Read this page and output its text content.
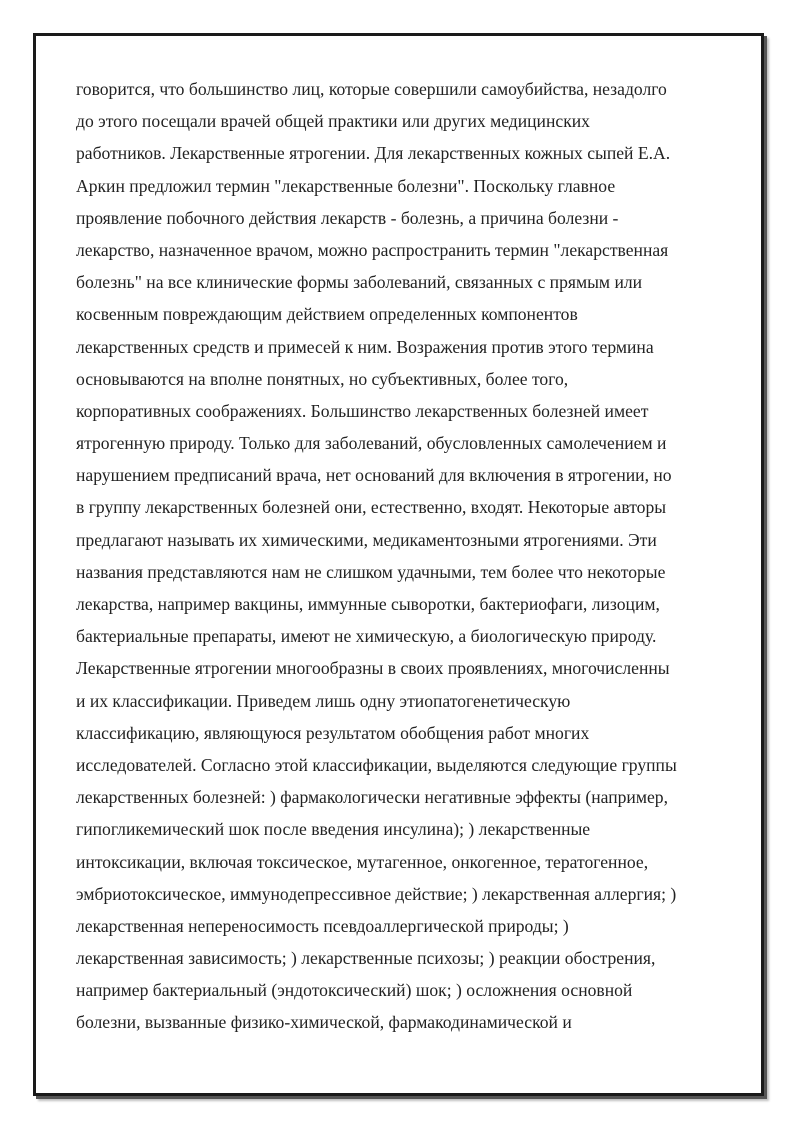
говорится, что большинство лиц, которые совершили самоубийства, незадолго
до этого посещали врачей общей практики или других медицинских
работников. Лекарственные ятрогении. Для лекарственных кожных сыпей Е.А.
Аркин предложил термин "лекарственные болезни". Поскольку главное
проявление побочного действия лекарств - болезнь, а причина болезни -
лекарство, назначенное врачом, можно распространить термин "лекарственная
болезнь" на все клинические формы заболеваний, связанных с прямым или
косвенным повреждающим действием определенных компонентов
лекарственных средств и примесей к ним. Возражения против этого термина
основываются на вполне понятных, но субъективных, более того,
корпоративных соображениях. Большинство лекарственных болезней имеет
ятрогенную природу. Только для заболеваний, обусловленных самолечением и
нарушением предписаний врача, нет оснований для включения в ятрогении, но
в группу лекарственных болезней они, естественно, входят. Некоторые авторы
предлагают называть их химическими, медикаментозными ятрогениями. Эти
названия представляются нам не слишком удачными, тем более что некоторые
лекарства, например вакцины, иммунные сыворотки, бактериофаги, лизоцим,
бактериальные препараты, имеют не химическую, а биологическую природу.
Лекарственные ятрогении многообразны в своих проявлениях, многочисленны
и их классификации. Приведем лишь одну этиопатогенетическую
классификацию, являющуюся результатом обобщения работ многих
исследователей. Согласно этой классификации, выделяются следующие группы
лекарственных болезней: ) фармакологически негативные эффекты (например,
гипогликемический шок после введения инсулина); ) лекарственные
интоксикации, включая токсическое, мутагенное, онкогенное, тератогенное,
эмбриотоксическое, иммунодепрессивное действие; ) лекарственная аллергия; )
лекарственная непереносимость псевдоаллергической природы; )
лекарственная зависимость; ) лекарственные психозы; ) реакции обострения,
например бактериальный (эндотоксический) шок; ) осложнения основной
болезни, вызванные физико-химической, фармакодинамической и
